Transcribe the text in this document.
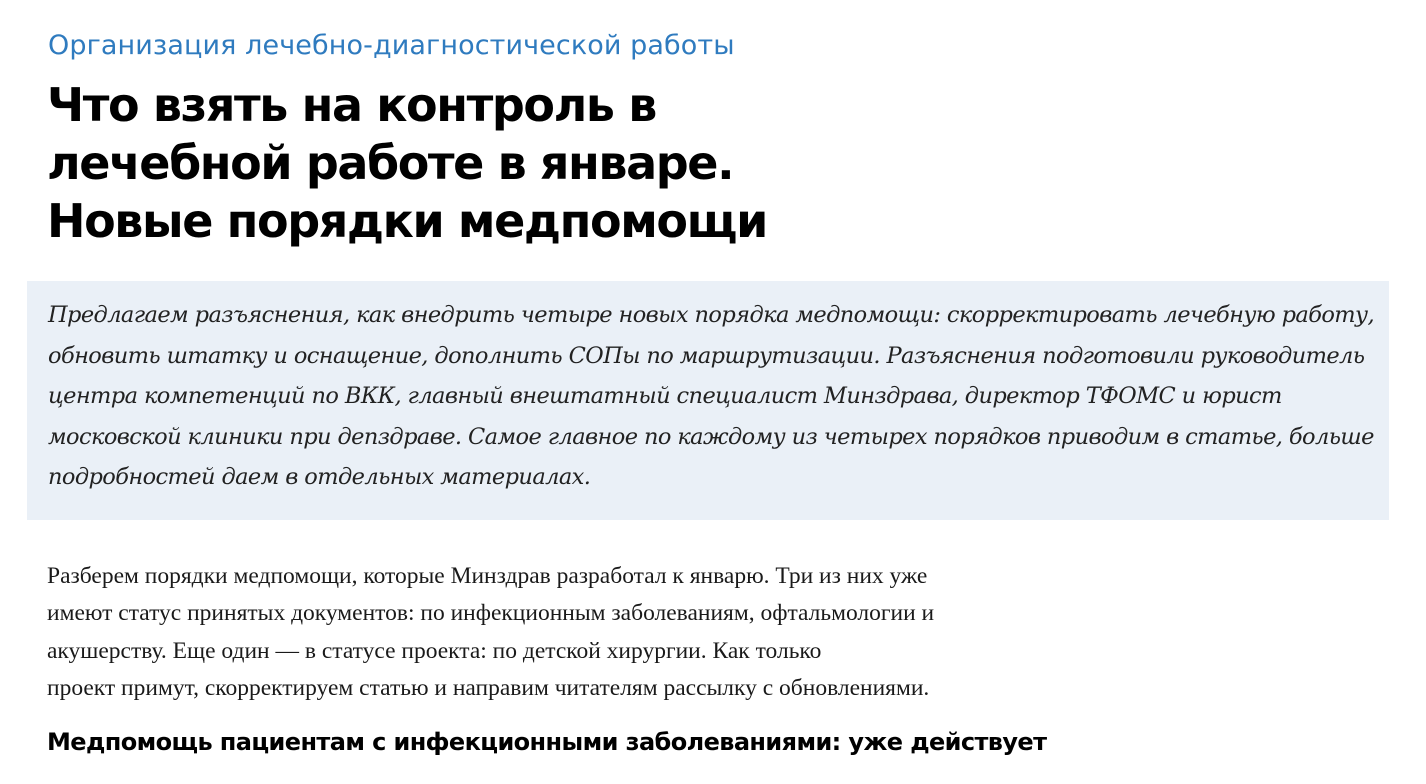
Организация лечебно-диагностической работы
Что взять на контроль в лечебной работе в январе. Новые порядки медпомощи

Предлагаем разъяснения, как внедрить четыре новых порядка медпомощи: скорректировать лечебную работу, обновить штатку и оснащение, дополнить СОПы по маршрутизации. Разъяснения подготовили руководитель центра компетенций по ВКК, главный внештатный специалист Минздрава, директор ТФОМС и юрист московской клиники при депздраве. Самое главное по каждому из четырех порядков приводим в статье, больше подробностей даем в отдельных материалах.

Разберем порядки медпомощи, которые Минздрав разработал к январю. Три из них уже
имеют статус принятых документов: по инфекционным заболеваниям, офтальмологии и
акушерству. Еще один — в статусе проекта: по детской хирургии. Как только
проект примут, скорректируем статью и направим читателям рассылку с обновлениями.
Медпомощь пациентам с инфекционными заболеваниями: уже действует
